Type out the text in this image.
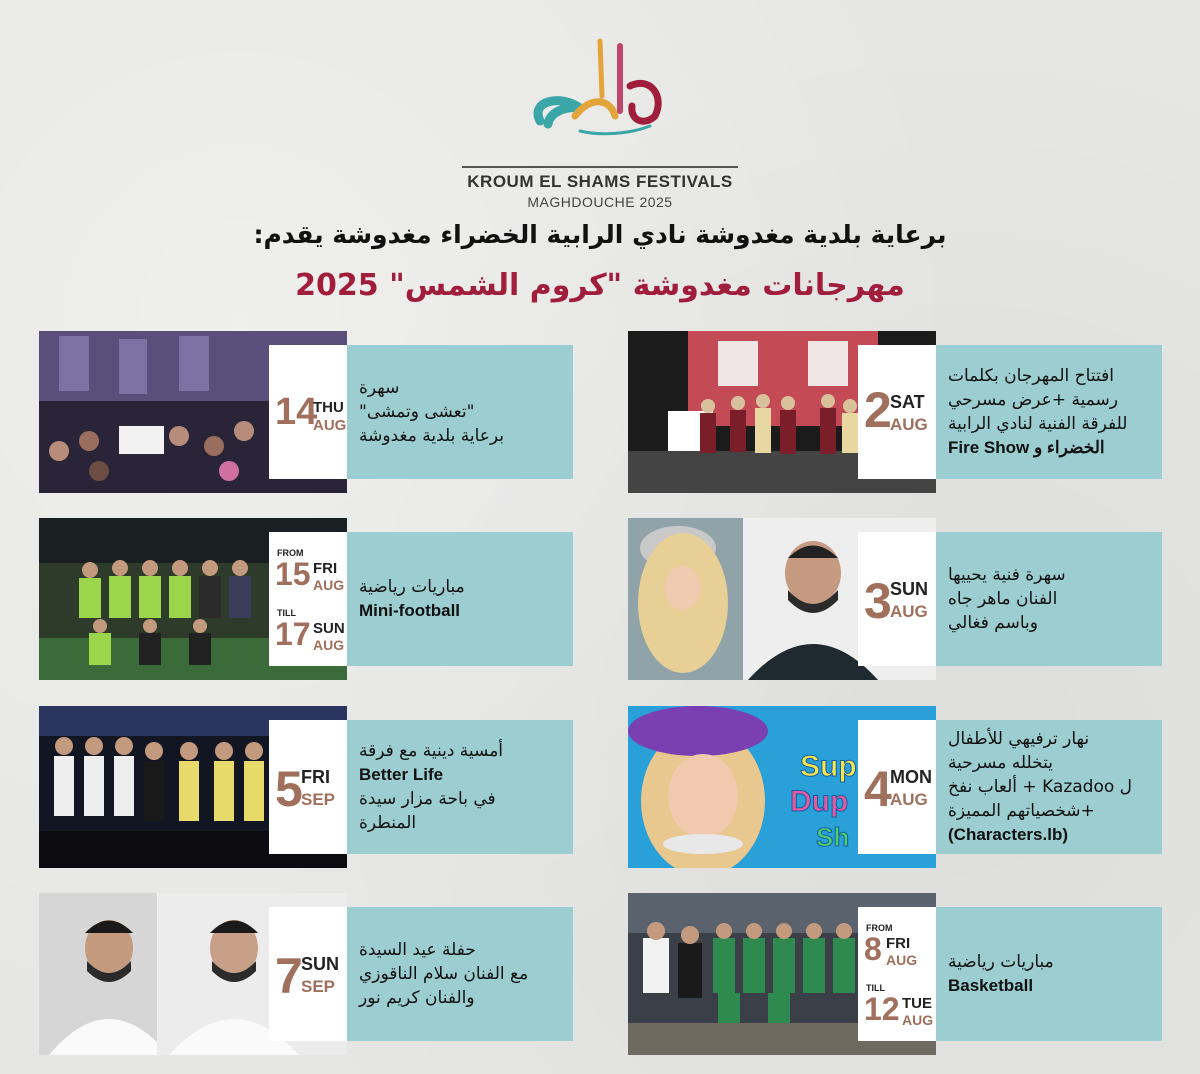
KROUM EL SHAMS FESTIVALS
MAGHDOUCHE 2025
برعاية بلدية مغدوشة نادي الرابية الخضراء مغدوشة يقدم:
مهرجانات مغدوشة "كروم الشمس" 2025
2
SAT
AUG
افتتاح المهرجان بكلمات
رسمية +عرض مسرحي
للفرقة الفنية لنادي الرابية
الخضراء و Fire Show
14
THU
AUG
سهرة
"تعشى وتمشى"
برعاية بلدية مغدوشة
3
SUN
AUG
سهرة فنية يحييها
الفنان ماهر جاه
وباسم فغالي
FROM
15 FRI
AUG
TILL
17 SUN
AUG
مباريات رياضية
Mini-football
Sup
Dup
Sh
4
MON
AUG
نهار ترفيهي للأطفال
يتخلله مسرحية
ل Kazadoo + ألعاب نفخ
+شخصياتهم المميزة
(Characters.lb)
5
FRI
SEP
أمسية دينية مع فرقة
Better Life
في باحة مزار سيدة
المنطرة
FROM
8 FRI
AUG
TILL
12 TUE
AUG
مباريات رياضية
Basketball
7
SUN
SEP
حفلة عيد السيدة
مع الفنان سلام الناقوزي
والفنان كريم نور
